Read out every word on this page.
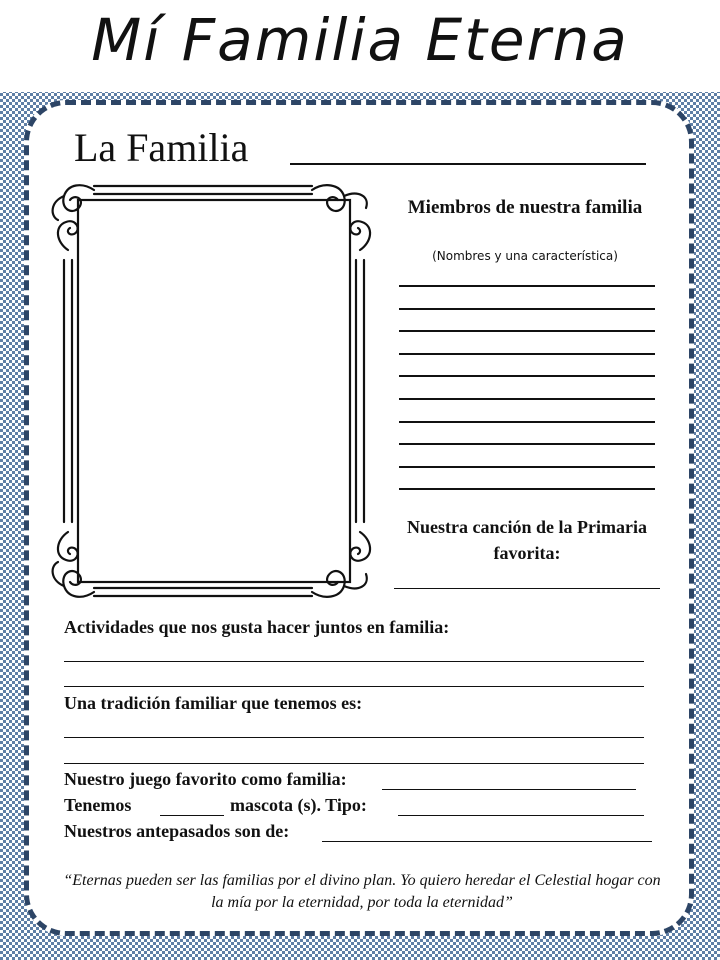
Mí Familia Eterna
La Familia
Miembros de nuestra familia
(Nombres y una característica)
Nuestra canción de la Primaria favorita:
Actividades que nos gusta hacer juntos en familia:
Una tradición familiar que tenemos es:
Nuestro juego favorito como familia:
Tenemos	mascota (s). Tipo:
Nuestros antepasados son de:
“Eternas pueden ser las familias por el divino plan. Yo quiero heredar el Celestial hogar con la mía por la eternidad, por toda la eternidad”
